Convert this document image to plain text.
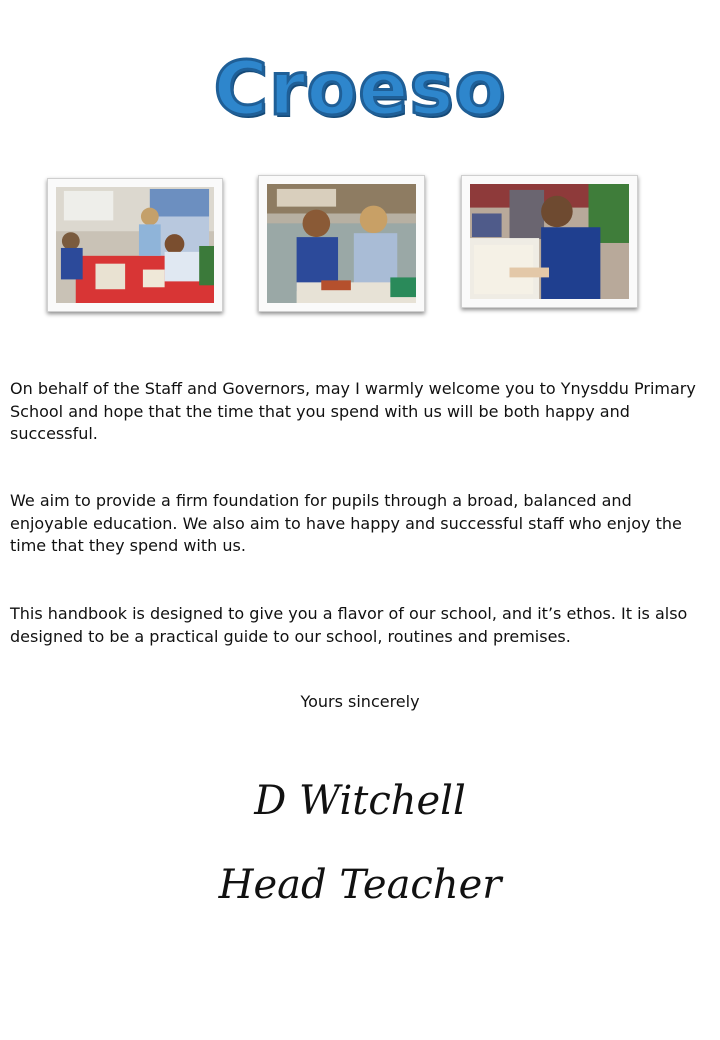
Croeso

On behalf of the Staff and Governors, may I warmly welcome you to Ynysddu Primary School and hope that the time that you spend with us will be both happy and successful.

We aim to provide a firm foundation for pupils through a broad, balanced and enjoyable education. We also aim to have happy and successful staff who enjoy the time that they spend with us.

This handbook is designed to give you a flavor of our school, and it’s ethos. It is also designed to be a practical guide to our school, routines and premises.

Yours sincerely

D Witchell

Head Teacher
